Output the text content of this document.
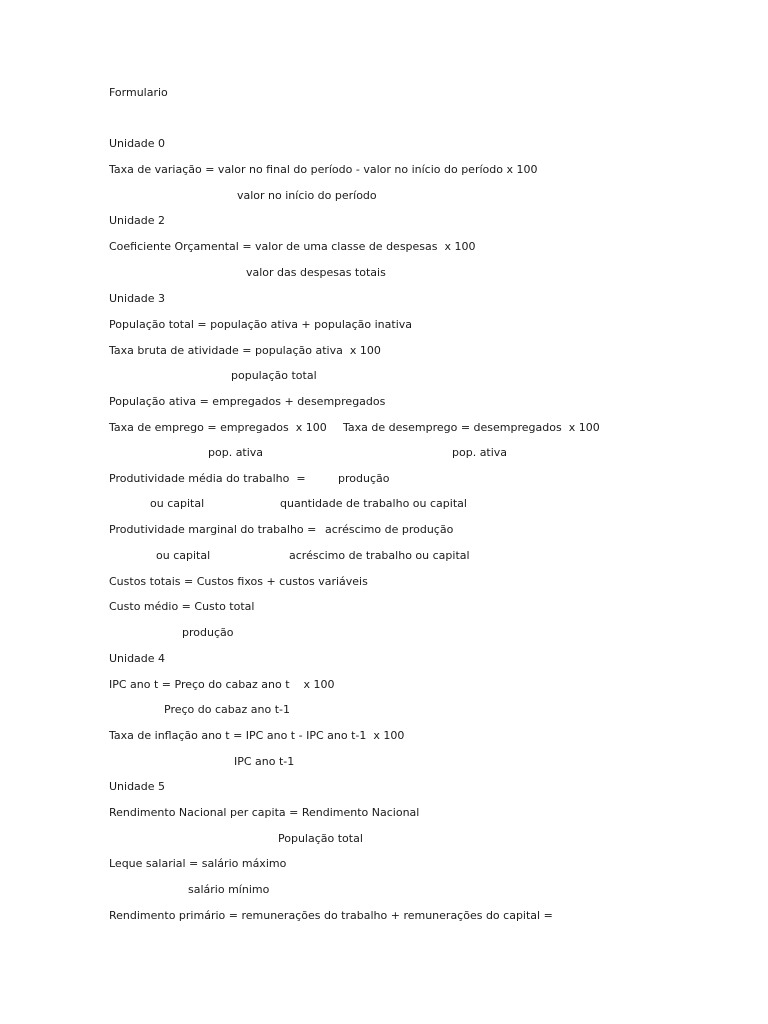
Formulario
Unidade 0
Taxa de variação = valor no final do período - valor no início do período x 100
valor no início do período
Unidade 2
Coeficiente Orçamental = valor de uma classe de despesas  x 100
valor das despesas totais
Unidade 3
População total = população ativa + população inativa
Taxa bruta de atividade = população ativa  x 100
população total
População ativa = empregados + desempregados
Taxa de emprego = empregados  x 100 Taxa de desemprego = desempregados  x 100
pop. ativa	pop. ativa
Produtividade média do trabalho  =	produção
ou capital	quantidade de trabalho ou capital
Produtividade marginal do trabalho = acréscimo de produção
ou capital	acréscimo de trabalho ou capital
Custos totais = Custos fixos + custos variáveis
Custo médio = Custo total
produção
Unidade 4
IPC ano t = Preço do cabaz ano t    x 100
Preço do cabaz ano t-1
Taxa de inflação ano t = IPC ano t - IPC ano t-1  x 100
IPC ano t-1
Unidade 5
Rendimento Nacional per capita = Rendimento Nacional
População total
Leque salarial = salário máximo
salário mínimo
Rendimento primário = remunerações do trabalho + remunerações do capital =
